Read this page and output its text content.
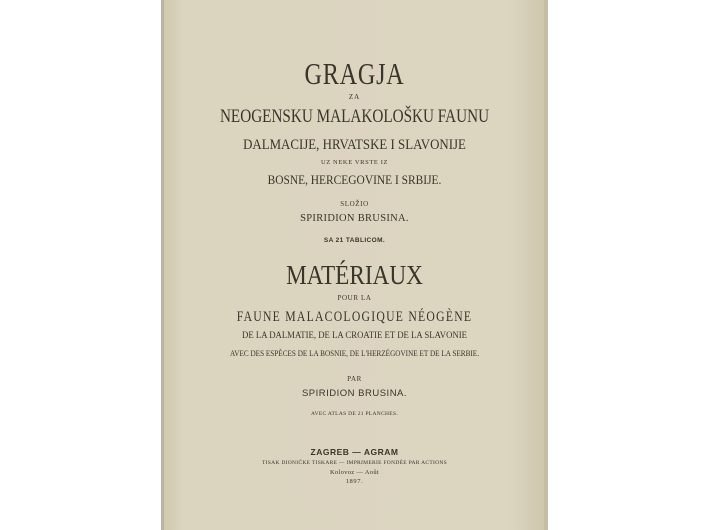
GRAGJA
ZA
NEOGENSKU MALAKOLOŠKU FAUNU
DALMACIJE, HRVATSKE I SLAVONIJE
UZ NEKE VRSTE IZ
BOSNE, HERCEGOVINE I SRBIJE.
SLOŽIO
SPIRIDION BRUSINA.
SA 21 TABLICOM.
MATÉRIAUX
POUR LA
FAUNE MALACOLOGIQUE NÉOGÈNE
DE LA DALMATIE, DE LA CROATIE ET DE LA SLAVONIE
AVEC DES ESPÈCES DE LA BOSNIE, DE L'HERZÉGOVINE ET DE LA SERBIE.
PAR
SPIRIDION BRUSINA.
AVEC ATLAS DE 21 PLANCHES.
ZAGREB — AGRAM
TISAK DIONIČKE TISKARE — IMPRIMERIE FONDÉE PAR ACTIONS
Kolovoz — Août
1897.
